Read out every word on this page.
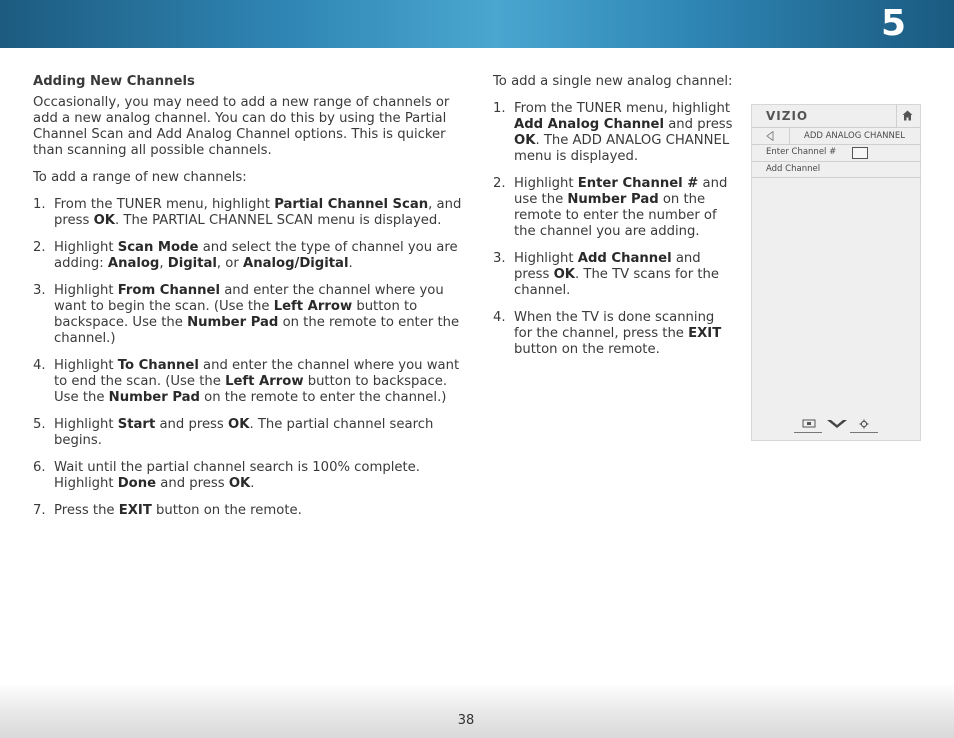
5
Adding New Channels

Occasionally, you may need to add a new range of channels or add a new analog channel. You can do this by using the Partial Channel Scan and Add Analog Channel options. This is quicker than scanning all possible channels.

To add a range of new channels:

1. From the TUNER menu, highlight Partial Channel Scan, and press OK. The PARTIAL CHANNEL SCAN menu is displayed.
2. Highlight Scan Mode and select the type of channel you are adding: Analog, Digital, or Analog/Digital.
3. Highlight From Channel and enter the channel where you want to begin the scan. (Use the Left Arrow button to backspace. Use the Number Pad on the remote to enter the channel.)
4. Highlight To Channel and enter the channel where you want to end the scan. (Use the Left Arrow button to backspace. Use the Number Pad on the remote to enter the channel.)
5. Highlight Start and press OK. The partial channel search begins.
6. Wait until the partial channel search is 100% complete. Highlight Done and press OK.
7. Press the EXIT button on the remote.

To add a single new analog channel:

1. From the TUNER menu, highlight Add Analog Channel and press OK. The ADD ANALOG CHANNEL menu is displayed.
2. Highlight Enter Channel # and use the Number Pad on the remote to enter the number of the channel you are adding.
3. Highlight Add Channel and press OK. The TV scans for the channel.
4. When the TV is done scanning for the channel, press the EXIT button on the remote.
VIZIO
ADD ANALOG CHANNEL
Enter Channel #
Add Channel
38
